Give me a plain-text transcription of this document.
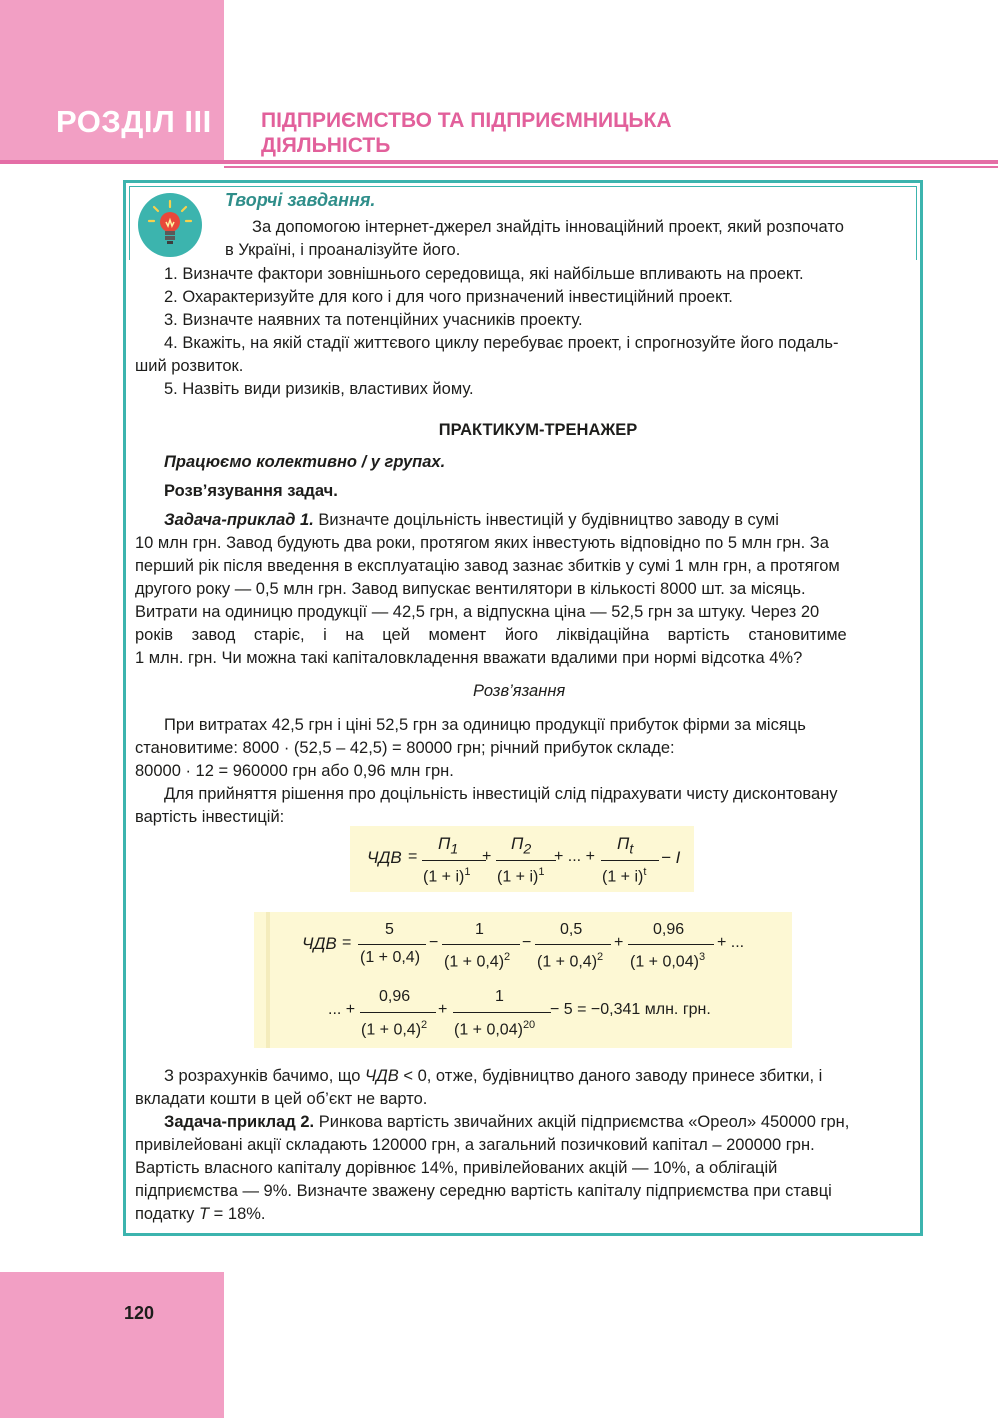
РОЗДІЛ III ПІДПРИЄМСТВО ТА ПІДПРИЄМНИЦЬКА
ДІЯЛЬНІСТЬ
Творчі завдання.
За допомогою інтернет-джерел знайдіть інноваційний проект, який розпочато
в Україні, і проаналізуйте його.
1. Визначте фактори зовнішнього середовища, які найбільше впливають на проект.
2. Охарактеризуйте для кого і для чого призначений інвестиційний проект.
3. Визначте наявних та потенційних учасників проекту.
4. Вкажіть, на якій стадії життєвого циклу перебуває проект, і спрогнозуйте його подаль-
ший розвиток.
5. Назвіть види ризиків, властивих йому.
ПРАКТИКУМ-ТРЕНАЖЕР
Працюємо колективно / у групах.
Розв’язування задач.
Задача-приклад 1. Визначте доцільність інвестицій у будівництво заводу в сумі
10 млн грн. Завод будують два роки, протягом яких інвестують відповідно по 5 млн грн. За
перший рік після введення в експлуатацію завод зазнає збитків у сумі 1 млн грн, а протягом
другого року — 0,5 млн грн. Завод випускає вентилятори в кількості 8000 шт. за місяць.
Витрати на одиницю продукції — 42,5 грн, а відпускна ціна — 52,5 грн за штуку. Через 20
років завод старіє, і на цей момент його ліквідаційна вартість становитиме
1 млн. грн. Чи можна такі капіталовкладення вважати вдалими при нормі відсотка 4%?
Розв’язання
При витратах 42,5 грн і ціні 52,5 грн за одиницю продукції прибуток фірми за місяць
становитиме: 8000 · (52,5 – 42,5) = 80000 грн; річний прибуток складе:
80000 · 12 = 960000 грн або 0,96 млн грн.
Для прийняття рішення про доцільність інвестицій слід підрахувати чисту дисконтовану
вартість інвестицій:
ЧДВ =
$П_1$
$(1 + i)^1$
+
$П_2$
$(1 + i)^1$
+ ... +
$П_t$
$(1 + i)^t$
− I
ЧДВ =
5
(1 + 0,4)
−
1
$(1 + 0,4)^2$
−
0,5
$(1 + 0,4)^2$
+
0,96
$(1 + 0,04)^3$
+ ...
... +
0,96
$(1 + 0,4)^2$
+
1
$(1 + 0,04)^{20}$
− 5 = −0,341 млн. грн.
З розрахунків бачимо, що ЧДВ < 0, отже, будівництво даного заводу принесе збитки, і
вкладати кошти в цей об’єкт не варто.
Задача-приклад 2. Ринкова вартість звичайних акцій підприємства «Ореол» 450000 грн,
привілейовані акції складають 120000 грн, а загальний позичковий капітал – 200000 грн.
Вартість власного капіталу дорівнює 14%, привілейованих акцій — 10%, а облігацій
підприємства — 9%. Визначте зважену середню вартість капіталу підприємства при ставці
податку T = 18%.
120
